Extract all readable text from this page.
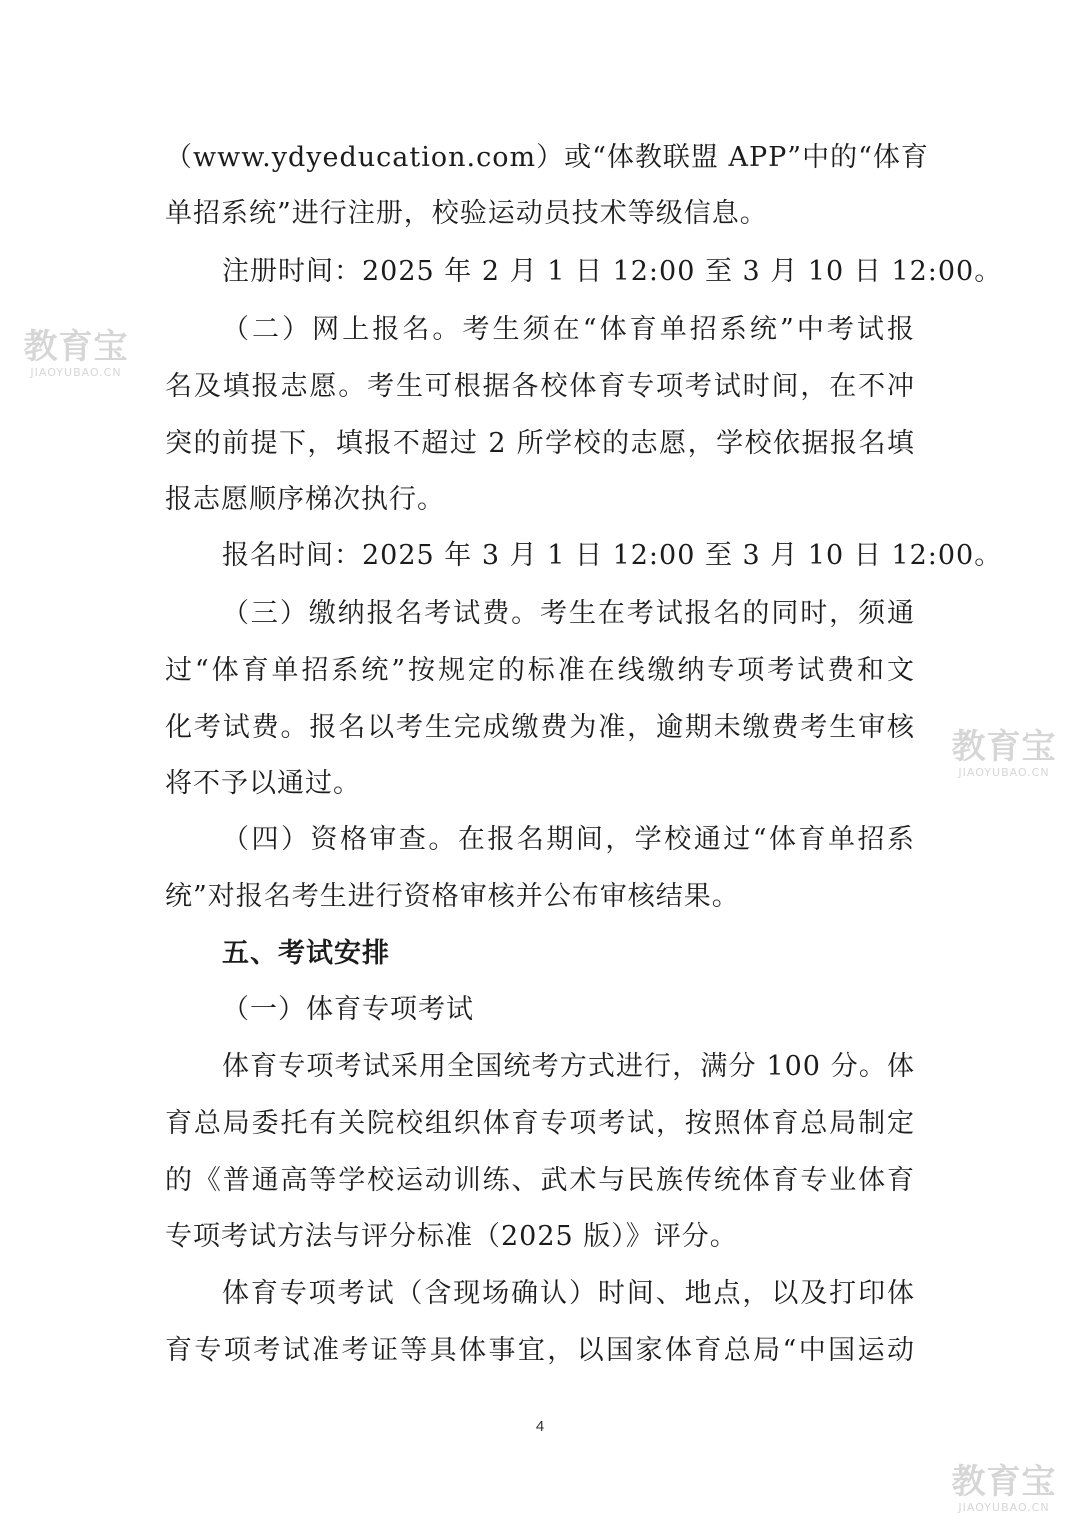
（www.ydyeducation.com）或“体教联盟 APP”中的“体育
单招系统”进行注册，校验运动员技术等级信息。
注册时间：2025 年 2 月 1 日 12:00 至 3 月 10 日 12:00。
（二）网上报名。考生须在“体育单招系统”中考试报
名及填报志愿。考生可根据各校体育专项考试时间，在不冲
突的前提下，填报不超过 2 所学校的志愿，学校依据报名填
报志愿顺序梯次执行。
报名时间：2025 年 3 月 1 日 12:00 至 3 月 10 日 12:00。
（三）缴纳报名考试费。考生在考试报名的同时，须通
过“体育单招系统”按规定的标准在线缴纳专项考试费和文
化考试费。报名以考生完成缴费为准，逾期未缴费考生审核
将不予以通过。
（四）资格审查。在报名期间，学校通过“体育单招系
统”对报名考生进行资格审核并公布审核结果。
五、考试安排
（一）体育专项考试
体育专项考试采用全国统考方式进行，满分 100 分。体
育总局委托有关院校组织体育专项考试，按照体育总局制定
的《普通高等学校运动训练、武术与民族传统体育专业体育
专项考试方法与评分标准（2025 版）》评分。
体育专项考试（含现场确认）时间、地点，以及打印体
育专项考试准考证等具体事宜，以国家体育总局“中国运动
4
教育宝
JIAOYUBAO.CN
教育宝
JIAOYUBAO.CN
教育宝
JIAOYUBAO.CN
